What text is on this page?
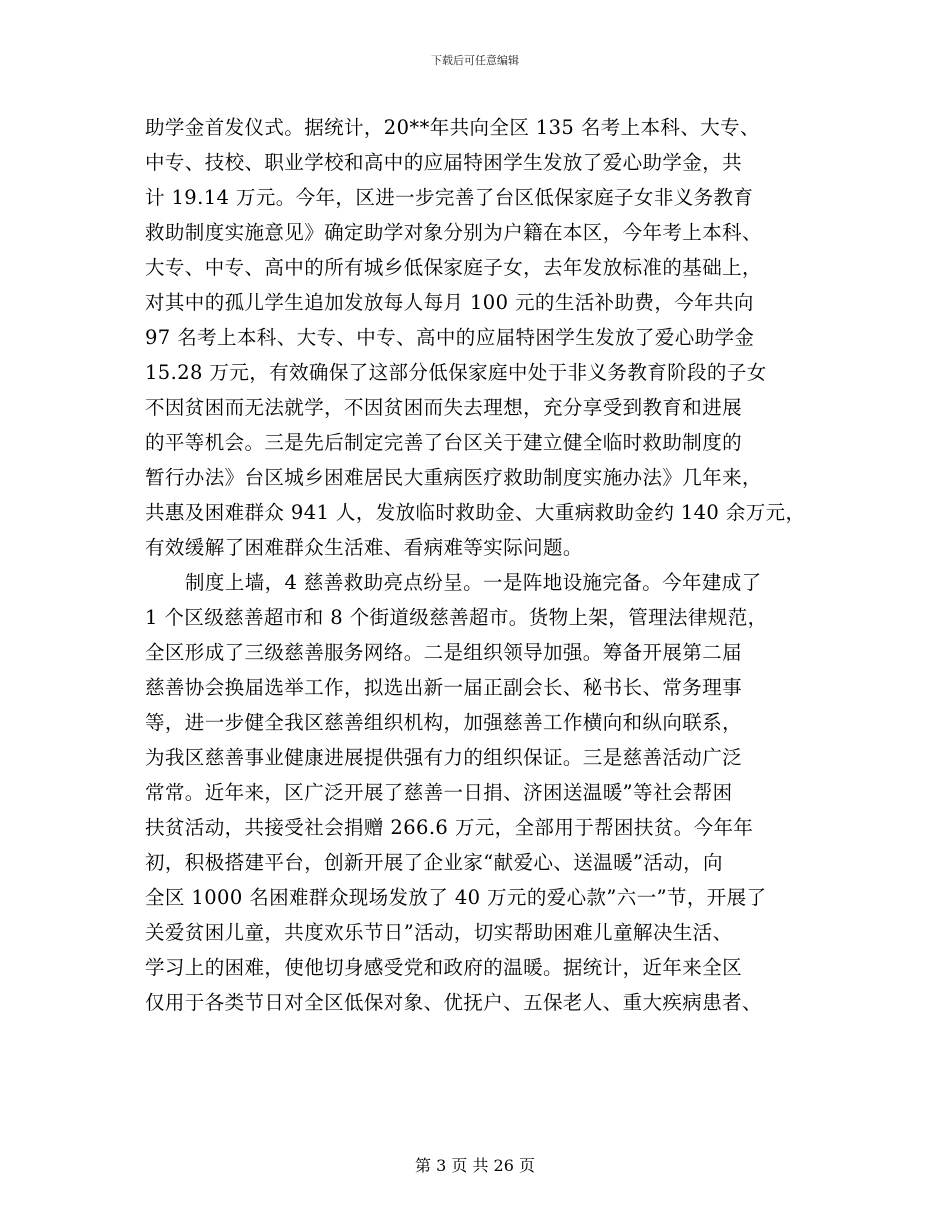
下载后可任意编辑
助学金首发仪式。据统计，20**年共向全区 135 名考上本科、大专、
中专、技校、职业学校和高中的应届特困学生发放了爱心助学金，共
计 19.14 万元。今年，区进一步完善了台区低保家庭子女非义务教育
救助制度实施意见》确定助学对象分别为户籍在本区，今年考上本科、
大专、中专、高中的所有城乡低保家庭子女，去年发放标准的基础上，
对其中的孤儿学生追加发放每人每月 100 元的生活补助费，今年共向
97 名考上本科、大专、中专、高中的应届特困学生发放了爱心助学金
15.28 万元，有效确保了这部分低保家庭中处于非义务教育阶段的子女
不因贫困而无法就学，不因贫困而失去理想，充分享受到教育和进展
的平等机会。三是先后制定完善了台区关于建立健全临时救助制度的
暂行办法》台区城乡困难居民大重病医疗救助制度实施办法》几年来，
共惠及困难群众 941 人，发放临时救助金、大重病救助金约 140 余万元，
有效缓解了困难群众生活难、看病难等实际问题。
制度上墙，4 慈善救助亮点纷呈。一是阵地设施完备。今年建成了
1 个区级慈善超市和 8 个街道级慈善超市。货物上架，管理法律规范，
全区形成了三级慈善服务网络。二是组织领导加强。筹备开展第二届
慈善协会换届选举工作，拟选出新一届正副会长、秘书长、常务理事
等，进一步健全我区慈善组织机构，加强慈善工作横向和纵向联系，
为我区慈善事业健康进展提供强有力的组织保证。三是慈善活动广泛
常常。近年来，区广泛开展了慈善一日捐、济困送温暖”等社会帮困
扶贫活动，共接受社会捐赠 266.6 万元，全部用于帮困扶贫。今年年
初，积极搭建平台，创新开展了企业家“献爱心、送温暖”活动，向
全区 1000 名困难群众现场发放了 40 万元的爱心款”六一”节，开展了
关爱贫困儿童，共度欢乐节日”活动，切实帮助困难儿童解决生活、
学习上的困难，使他切身感受党和政府的温暖。据统计，近年来全区
仅用于各类节日对全区低保对象、优抚户、五保老人、重大疾病患者、
第 3 页 共 26 页
